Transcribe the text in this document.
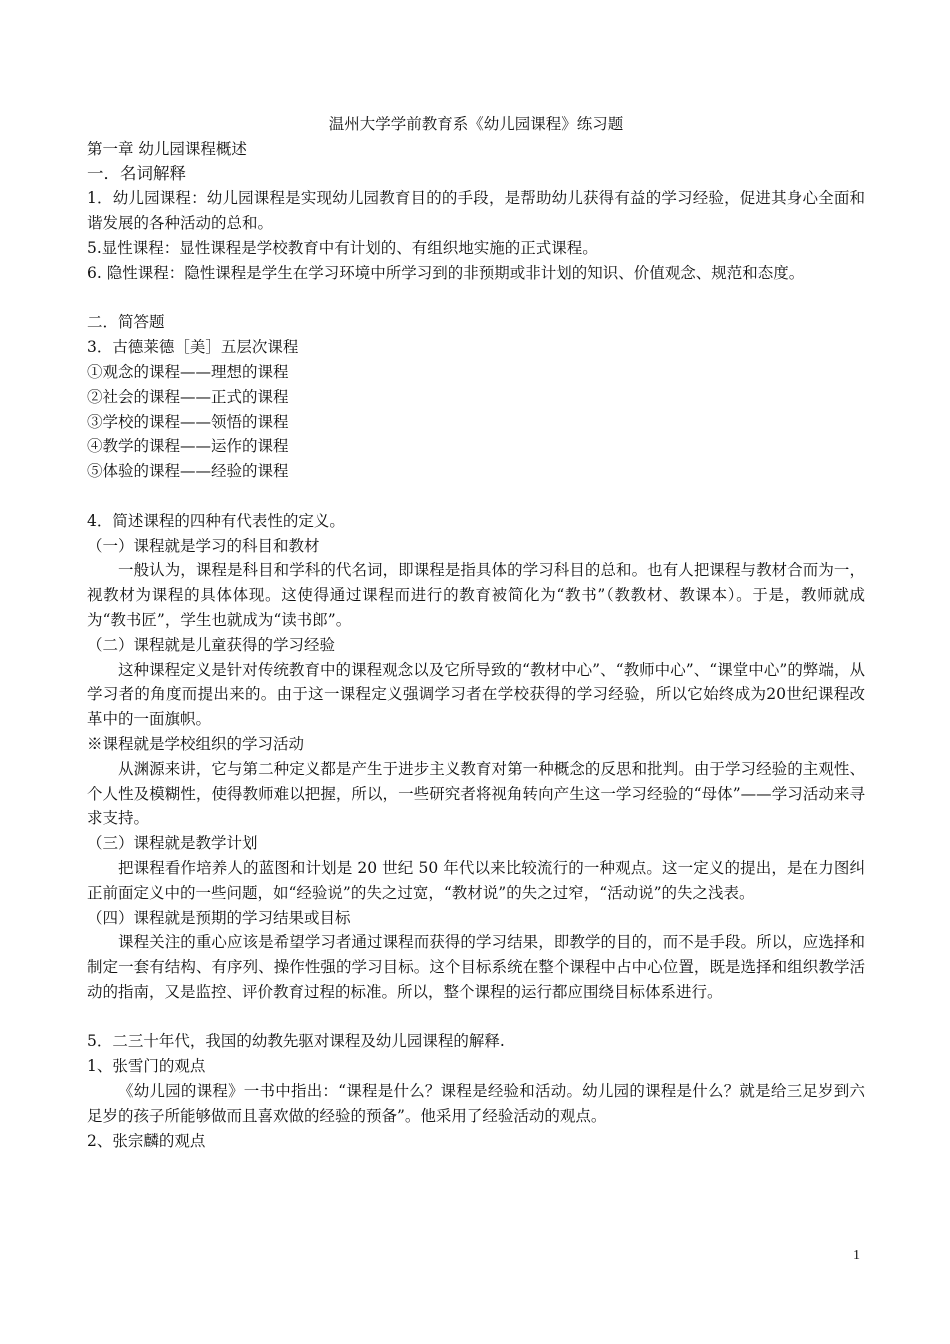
温州大学学前教育系《幼儿园课程》练习题

第一章 幼儿园课程概述

一．名词解释

1．幼儿园课程：幼儿园课程是实现幼儿园教育目的的手段，是帮助幼儿获得有益的学习经验，促进其身心全面和谐发展的各种活动的总和。

5.显性课程：显性课程是学校教育中有计划的、有组织地实施的正式课程。

6. 隐性课程：隐性课程是学生在学习环境中所学习到的非预期或非计划的知识、价值观念、规范和态度。

二．简答题

3．古德莱德［美］五层次课程

①观念的课程——理想的课程

②社会的课程——正式的课程

③学校的课程——领悟的课程

④教学的课程——运作的课程

⑤体验的课程——经验的课程

4．简述课程的四种有代表性的定义。

（一）课程就是学习的科目和教材

一般认为，课程是科目和学科的代名词，即课程是指具体的学习科目的总和。也有人把课程与教材合而为一，视教材为课程的具体体现。这使得通过课程而进行的教育被简化为“教书”（教教材、教课本）。于是，教师就成为“教书匠”，学生也就成为“读书郎”。

（二）课程就是儿童获得的学习经验

这种课程定义是针对传统教育中的课程观念以及它所导致的“教材中心”、“教师中心”、“课堂中心”的弊端，从学习者的角度而提出来的。由于这一课程定义强调学习者在学校获得的学习经验，所以它始终成为20世纪课程改革中的一面旗帜。

※课程就是学校组织的学习活动

从渊源来讲，它与第二种定义都是产生于进步主义教育对第一种概念的反思和批判。由于学习经验的主观性、个人性及模糊性，使得教师难以把握，所以，一些研究者将视角转向产生这一学习经验的“母体”——学习活动来寻求支持。

（三）课程就是教学计划

把课程看作培养人的蓝图和计划是 20 世纪 50 年代以来比较流行的一种观点。这一定义的提出，是在力图纠正前面定义中的一些问题，如“经验说”的失之过宽，“教材说”的失之过窄，“活动说”的失之浅表。

（四）课程就是预期的学习结果或目标

课程关注的重心应该是希望学习者通过课程而获得的学习结果，即教学的目的，而不是手段。所以，应选择和制定一套有结构、有序列、操作性强的学习目标。这个目标系统在整个课程中占中心位置，既是选择和组织教学活动的指南，又是监控、评价教育过程的标准。所以，整个课程的运行都应围绕目标体系进行。

5．二三十年代，我国的幼教先驱对课程及幼儿园课程的解释.

1、张雪门的观点

《幼儿园的课程》一书中指出：“课程是什么？课程是经验和活动。幼儿园的课程是什么？就是给三足岁到六足岁的孩子所能够做而且喜欢做的经验的预备”。他采用了经验活动的观点。

2、张宗麟的观点

1
